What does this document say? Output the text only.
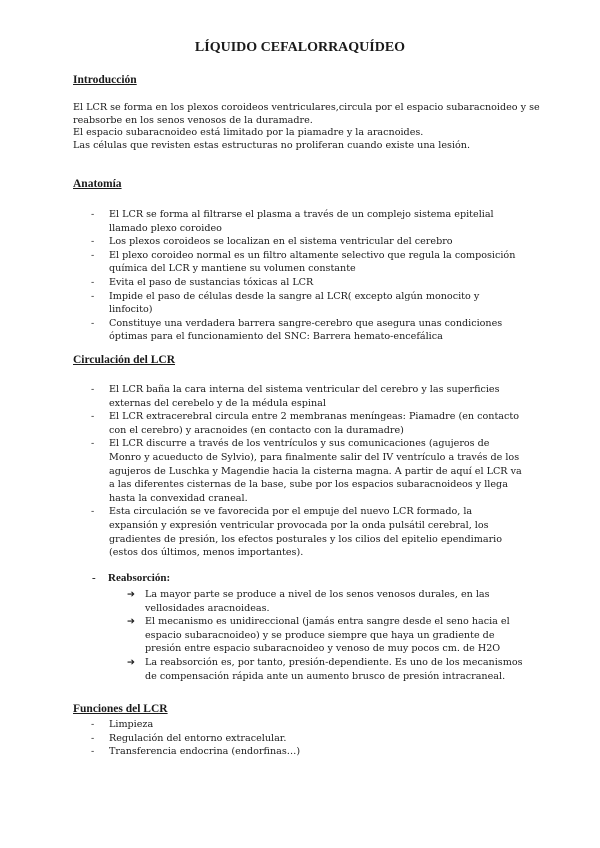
LÍQUIDO CEFALORRAQUÍDEO
Introducción

El LCR se forma en los plexos coroideos ventriculares,circula por el espacio subaracnoideo y se reabsorbe en los senos venosos de la duramadre.

El espacio subaracnoideo está limitado por la piamadre y la aracnoides.

Las células que revisten estas estructuras no proliferan cuando existe una lesión.

Anatomía
- El LCR se forma al filtrarse el plasma a través de un complejo sistema epitelial llamado plexo coroideo
- Los plexos coroideos se localizan en el sistema ventricular del cerebro
- El plexo coroideo normal es un filtro altamente selectivo que regula la composición química del LCR y mantiene su volumen constante
- Evita el paso de sustancias tóxicas al LCR
- Impide el paso de células desde la sangre al LCR( excepto algún monocito y linfocito)
- Constituye una verdadera barrera sangre-cerebro que asegura unas condiciones óptimas para el funcionamiento del SNC: Barrera hemato-encefálica
Circulación del LCR
- El LCR baña la cara interna del sistema ventricular del cerebro y las superficies externas del cerebelo y de la médula espinal
- El LCR extracerebral circula entre 2 membranas meníngeas: Piamadre (en contacto con el cerebro) y aracnoides (en contacto con la duramadre)
- El LCR discurre a través de los ventrículos y sus comunicaciones (agujeros de Monro y acueducto de Sylvio), para finalmente salir del IV ventrículo a través de los agujeros de Luschka y Magendie hacia la cisterna magna. A partir de aquí el LCR va a las diferentes cisternas de la base, sube por los espacios subaracnoideos y llega hasta la convexidad craneal.
- Esta circulación se ve favorecida por el empuje del nuevo LCR formado, la expansión y expresión ventricular provocada por la onda pulsátil cerebral, los gradientes de presión, los efectos posturales y los cilios del epitelio ependimario (estos dos últimos, menos importantes).
- Reabsorción:
➔ La mayor parte se produce a nivel de los senos venosos durales, en las vellosidades aracnoideas.
➔ El mecanismo es unidireccional (jamás entra sangre desde el seno hacia el espacio subaracnoideo) y se produce siempre que haya un gradiente de presión entre espacio subaracnoideo y venoso de muy pocos cm. de H2O
➔ La reabsorción es, por tanto, presión-dependiente. Es uno de los mecanismos de compensación rápida ante un aumento brusco de presión intracraneal.
Funciones del LCR
- Limpieza
- Regulación del entorno extracelular.
- Transferencia endocrina (endorfinas…)
